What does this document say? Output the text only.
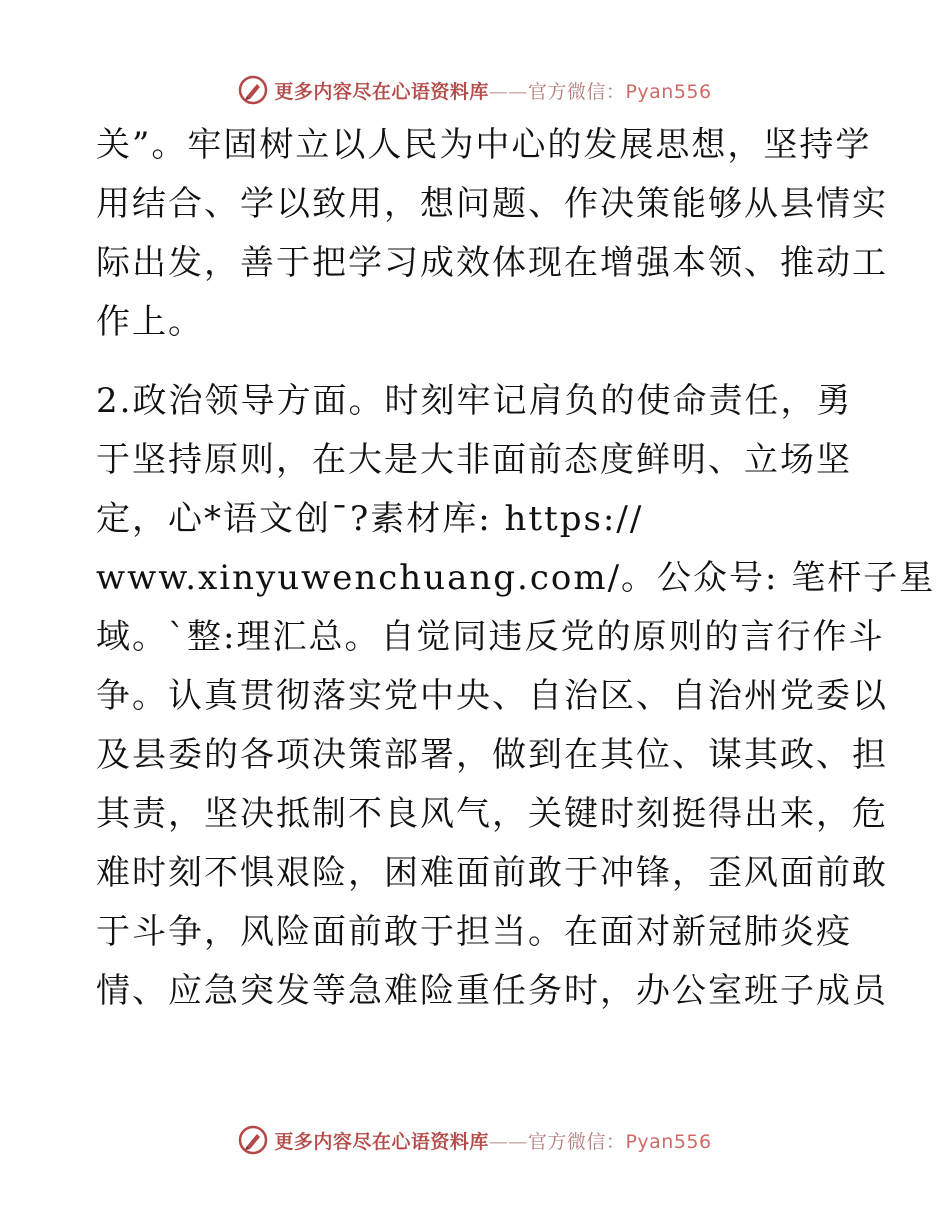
更多内容尽在心语资料库——官方微信：Pyan556
关”。牢固树立以人民为中心的发展思想，坚持学
用结合、学以致用，想问题、作决策能够从县情实
际出发，善于把学习成效体现在增强本领、推动工
作上。
2.政治领导方面。时刻牢记肩负的使命责任，勇
于坚持原则，在大是大非面前态度鲜明、立场坚
定，心*语文创¯?素材库: https://
www.xinyuwenchuang.com/。公众号: 笔杆子星
域。`整:理汇总。自觉同违反党的原则的言行作斗
争。认真贯彻落实党中央、自治区、自治州党委以
及县委的各项决策部署，做到在其位、谋其政、担
其责，坚决抵制不良风气，关键时刻挺得出来，危
难时刻不惧艰险，困难面前敢于冲锋，歪风面前敢
于斗争，风险面前敢于担当。在面对新冠肺炎疫
情、应急突发等急难险重任务时，办公室班子成员
更多内容尽在心语资料库——官方微信：Pyan556
